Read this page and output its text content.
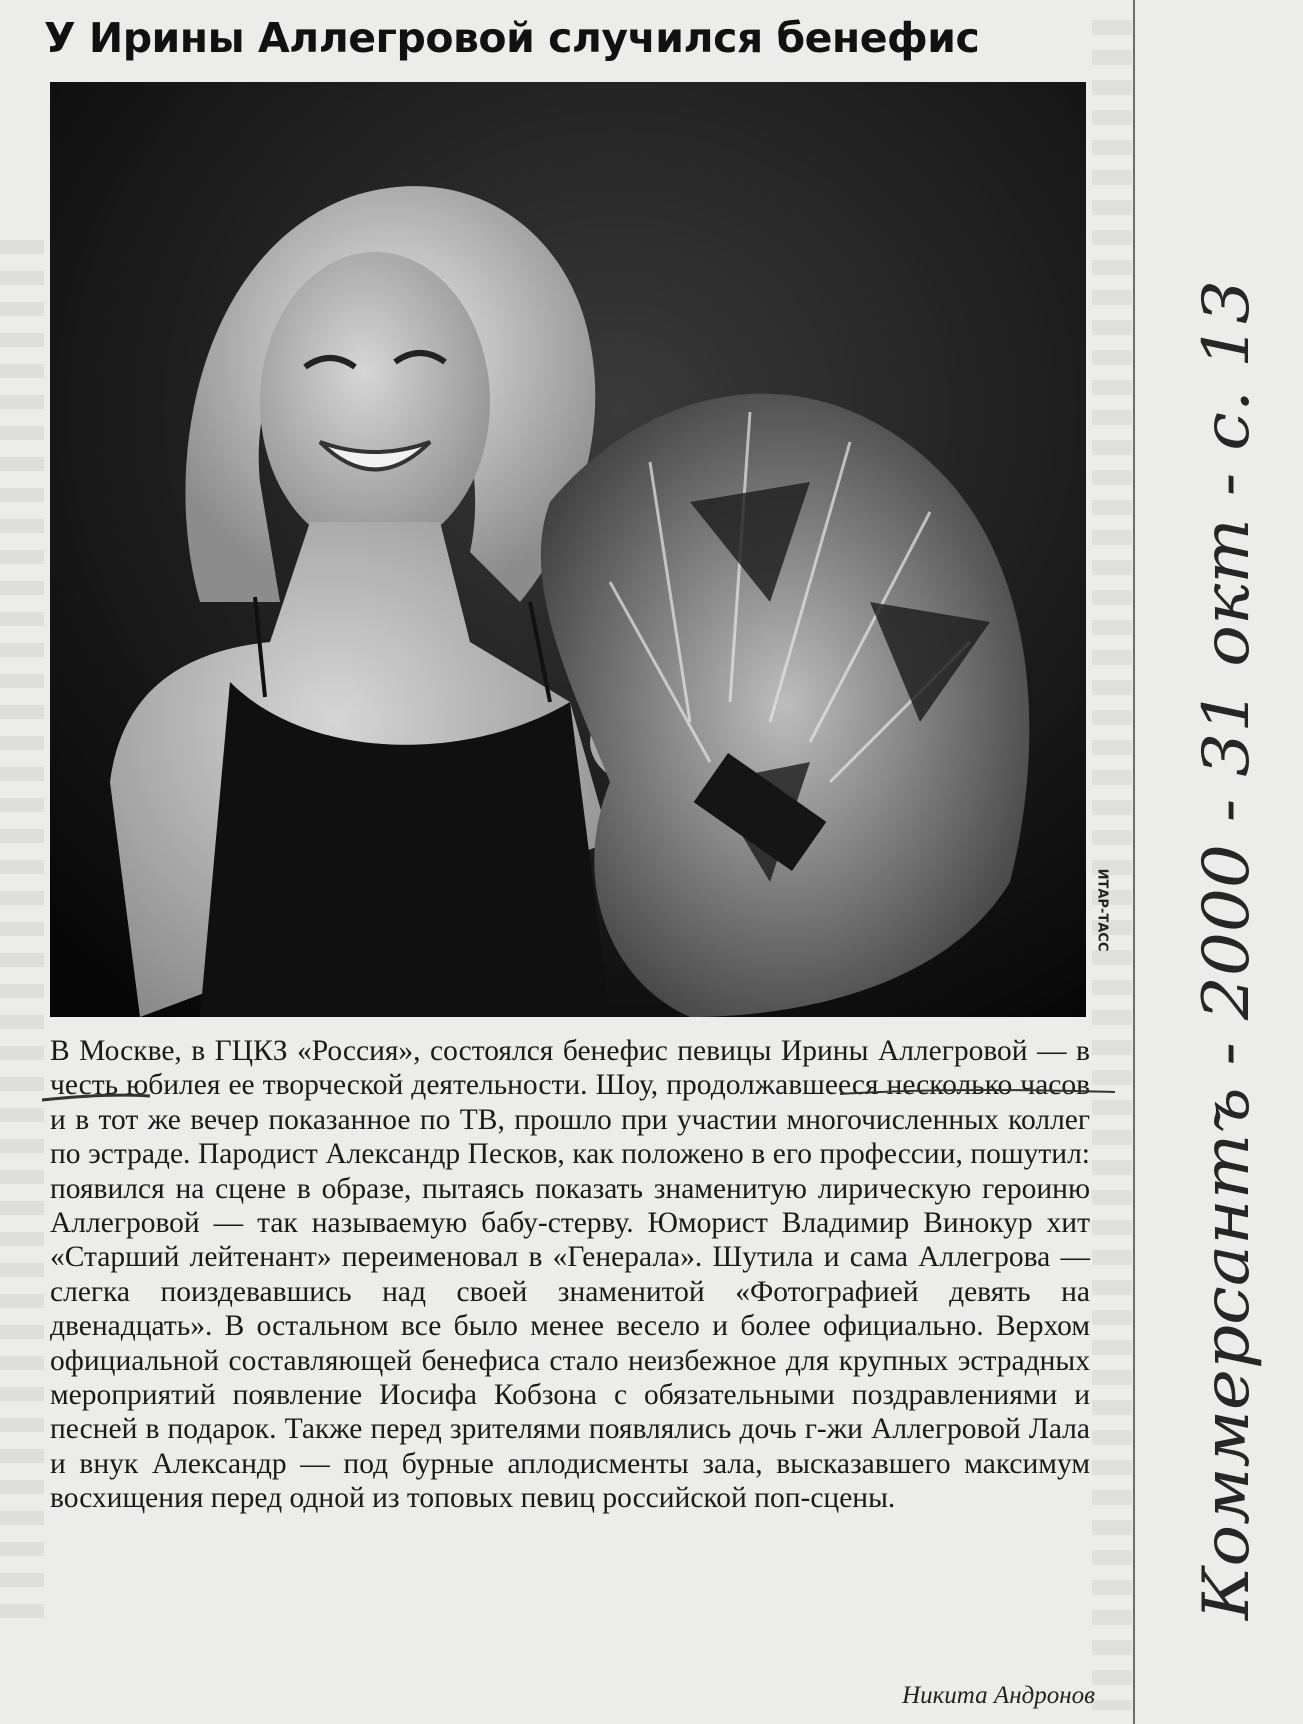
У Ирины Аллегровой случился бенефис
ИТАР-ТАСС

В Москве, в ГЦКЗ «Россия», состоялся бенефис певицы Ирины Аллегровой — в честь юбилея ее творческой деятельности. Шоу, продолжавшееся несколько часов и в тот же вечер показанное по ТВ, прошло при участии многочисленных коллег по эстраде. Пародист Александр Песков, как положено в его профессии, пошутил: появился на сцене в образе, пытаясь показать знаменитую лирическую героиню Аллегровой — так называемую бабу-стерву. Юморист Владимир Винокур хит «Старший лейтенант» переименовал в «Генерала». Шутила и сама Аллегрова — слегка поиздевавшись над своей знаменитой «Фотографией девять на двенадцать». В остальном все было менее весело и более официально. Верхом официальной составляющей бенефиса стало неизбежное для крупных эстрадных мероприятий появление Иосифа Кобзона с обязательными поздравлениями и песней в подарок. Также перед зрителями появлялись дочь г-жи Аллегровой Лала и внук Александр — под бурные аплодисменты зала, высказавшего максимум восхищения перед одной из топовых певиц российской поп-сцены.

Никита Андронов

Коммерсантъ - 2000 - 31 окт - с. 13
